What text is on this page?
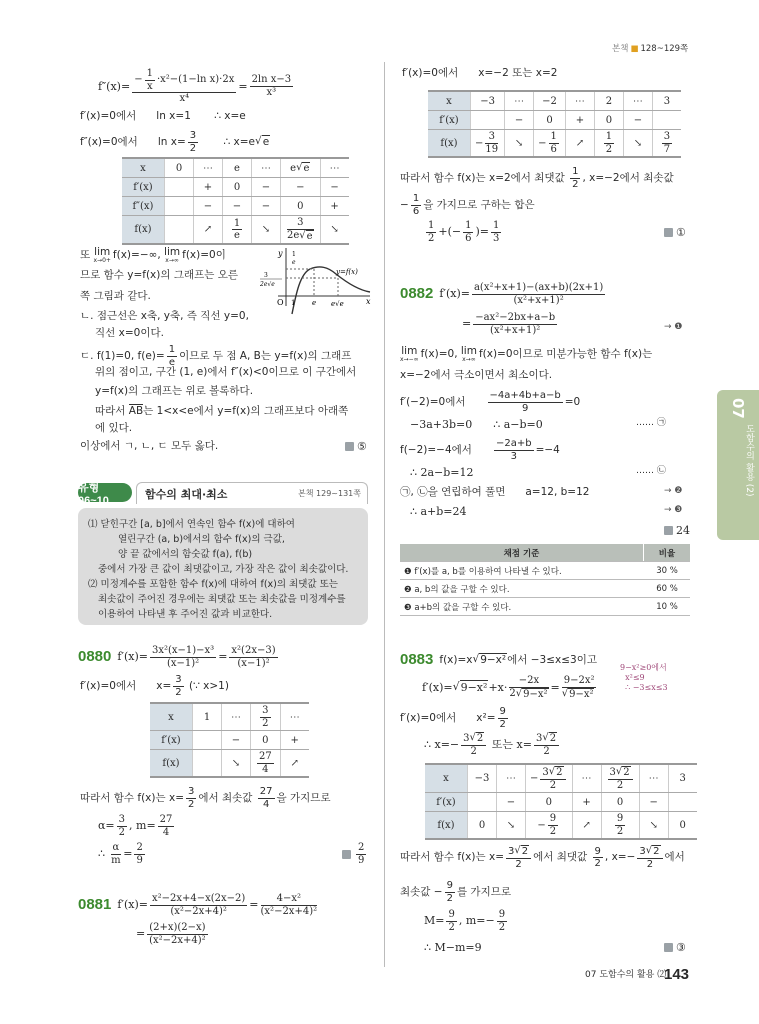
본책 ■ 128~129쪽
$f''(x)= \frac{- \frac{1}{x} \cdot x^2-(1-\ln x)\cdot 2x}{\text{x⁴}} = \frac{\text{2ln x−3}}{\text{x³}}$
f′(x)=0에서      ln x=1       ∴ x=e
f″(x)=0에서      $\ln x= \frac{3}{2}$ ∴ x=e √ e
x	0	⋯	e	⋯	e √ e	⋯
f′(x)		+	0	−	−	−
f″(x)		−	−	−	0	+
f(x)		↗	$\frac{1}{e}$	↘	$\frac{3}{2e √ e}$	↘
또 lim
x→0+ f(x)=−∞, lim
x→∞ f(x)=0이
므로 함수 y=f(x)의 그래프는 오른
쪽 그림과 같다.
ㄴ. 점근선은 x축, y축, 즉 직선 y=0,
직선 x=0이다.
ㄷ. f(1)=0, $f(e)= \frac{1}{e}$ 이므로 두 점 A, B는 y=f(x)의 그래프
위의 점이고, 구간 (1, e)에서 f″(x)<0이므로 이 구간에서
y=f(x)의 그래프는 위로 볼록하다.
따라서 AB 는 1<x<e에서 y=f(x)의 그래프보다 아래쪽
에 있다.
이상에서 ㄱ, ㄴ, ㄷ 모두 옳다.	⑤
y
x
O 1 e e√e
y=f(x)
1
e
3
2e√e
유형 06~10	함수의 최대·최소	본책 129~131쪽
⑴ 닫힌구간 [a, b]에서 연속인 함수 f(x)에 대하여
열린구간 (a, b)에서의 함수 f(x)의 극값,
양 끝 값에서의 함숫값 f(a), f(b)
중에서 가장 큰 값이 최댓값이고, 가장 작은 값이 최솟값이다.
⑵ 미정계수를 포함한 함수 f(x)에 대하여 f(x)의 최댓값 또는
최솟값이 주어진 경우에는 최댓값 또는 최솟값을 미정계수를
이용하여 나타낸 후 주어진 값과 비교한다.
0880 $f'(x)= \frac{\text{3x²(x−1)−x³}}{\text{(x−1)²}} = \frac{\text{x²(2x−3)}}{\text{(x−1)²}}$
f′(x)=0에서      $x= \frac{3}{2}$ (∵ x>1)
x	1	⋯	$\frac{3}{2}$	⋯
f′(x)		−	0	+
f(x)		↘	$\frac{27}{4}$	↗
따라서 함수 f(x)는 $x= \frac{3}{2}$ 에서 최솟값 $\frac{27}{4}$ 을 가지므로
$\alpha= \frac{3}{2}$ , $m= \frac{27}{4}$
∴ $\frac{\alpha}{m} = \frac{2}{9}$	$\frac{2}{9}$
0881 $f'(x)= \frac{\text{x²−2x+4−x(2x−2)}}{\text{(x²−2x+4)²}} = \frac{\text{4−x²}}{\text{(x²−2x+4)²}}$
= $\frac{(2+x)(2-x)}{\text{(x²−2x+4)²}}$
f′(x)=0에서      x=−2 또는 x=2
x	−3	⋯	−2	⋯	2	⋯	3
f′(x)		−	0	+	0	−	
f(x)	− $\frac{3}{19}$	↘	− $\frac{1}{6}$	↗	$\frac{1}{2}$	↘	$\frac{3}{7}$
따라서 함수 f(x)는 x=2에서 최댓값 $\frac{1}{2}$ , x=−2에서 최솟값
− $\frac{1}{6}$ 을 가지므로 구하는 합은
$\frac{1}{2}$ +(− $\frac{1}{6}$ )= $\frac{1}{3}$	①
0882 $f'(x)= \frac{\text{a(x²+x+1)−(ax+b)(2x+1)}}{\text{(x²+x+1)²}}$
= $\frac{\text{−ax²−2bx+a−b}}{\text{(x²+x+1)²}}$	→ ❶
lim
x→−∞ f(x)=0, lim
x→∞ f(x)=0이므로 미분가능한 함수 f(x)는
x=−2에서 극소이면서 최소이다.
f′(−2)=0에서 $\frac{-4a+4b+a-b}{9} =0$
−3a+3b=0      ∴ a−b=0	…… ㉠
f(−2)=−4에서 $\frac{-2a+b}{3} =-4$
∴ 2a−b=12	…… ㉡
㉠, ㉡을 연립하여 풀면      a=12, b=12	→ ❷
∴ a+b=24	→ ❸
24
채점 기준	비율
❶ f′(x)를 a, b를 이용하여 나타낼 수 있다.	30 %
❷ a, b의 값을 구할 수 있다.	60 %
❸ a+b의 값을 구할 수 있다.	10 %
0883 f(x)=x √ 9−x² 에서 −3≤x≤3이고
9−x²≥0에서
x²≤9
∴ −3≤x≤3
f′(x)= √ $9-x^2 +x\cdot \frac{-2x}{\text{2 √ 9−x²}} = \frac{\text{9−2x²}}{\text{√ 9−x²}}$
f′(x)=0에서      $x^2= \frac{9}{2}$
∴ $x=- \frac{3 √ 2}{2}$ 또는 $x= \frac{3 √ 2}{2}$
x	−3	⋯	− $\frac{3 √ 2}{2}$	⋯	$\frac{3 √ 2}{2}$	⋯	3
f′(x)		−	0	+	0	−	
f(x)	0	↘	− $\frac{9}{2}$	↗	$\frac{9}{2}$	↘	0
따라서 함수 f(x)는 $x= \frac{3 √ 2}{2}$ 에서 최댓값 $\frac{9}{2}$ , $x=- \frac{3 √ 2}{2}$ 에서
최솟값 − $\frac{9}{2}$ 를 가지므로
$M= \frac{9}{2}$ , $m=- \frac{9}{2}$
∴ M−m=9	③
07 도함수의 활용 ⑵
143
07
도함수의 활용 (2)
